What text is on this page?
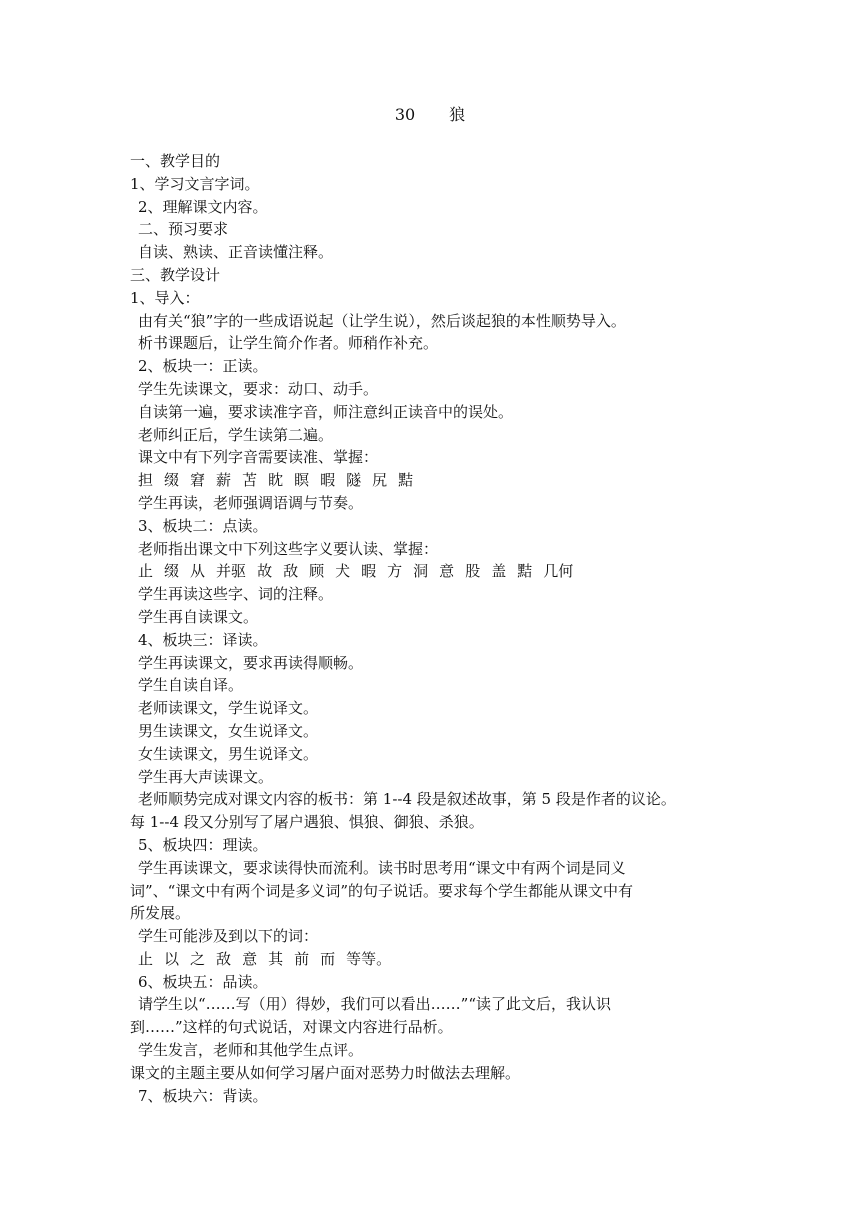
30 狼
一、教学目的
1、学习文言字词。
2、理解课文内容。
二、预习要求
自读、熟读、正音读懂注释。
三、教学设计
1、导入：
由有关“狼”字的一些成语说起（让学生说），然后谈起狼的本性顺势导入。
析书课题后，让学生简介作者。师稍作补充。
2、板块一：正读。
学生先读课文，要求：动口、动手。
自读第一遍，要求读准字音，师注意纠正读音中的误处。
老师纠正后，学生读第二遍。
课文中有下列字音需要读准、掌握：
担 缀 窘 薪 苫 眈 瞑 暇 隧 尻 黠
学生再读，老师强调语调与节奏。
3、板块二：点读。
老师指出课文中下列这些字义要认读、掌握：
止 缀 从 并驱 故 敌 顾 犬 暇 方 洞 意 股 盖 黠 几何
学生再读这些字、词的注释。
学生再自读课文。
4、板块三：译读。
学生再读课文，要求再读得顺畅。
学生自读自译。
老师读课文，学生说译文。
男生读课文，女生说译文。
女生读课文，男生说译文。
学生再大声读课文。
老师顺势完成对课文内容的板书：第 1--4 段是叙述故事，第 5 段是作者的议论。
每 1--4 段又分别写了屠户遇狼、惧狼、御狼、杀狼。
5、板块四：理读。
学生再读课文，要求读得快而流利。读书时思考用“课文中有两个词是同义
词”、“课文中有两个词是多义词”的句子说话。要求每个学生都能从课文中有
所发展。
学生可能涉及到以下的词：
止 以 之 敌 意 其 前 而 等等。
6、板块五：品读。
请学生以“……写（用）得妙，我们可以看出……”“读了此文后，我认识
到……”这样的句式说话，对课文内容进行品析。
学生发言，老师和其他学生点评。
课文的主题主要从如何学习屠户面对恶势力时做法去理解。
7、板块六：背读。
